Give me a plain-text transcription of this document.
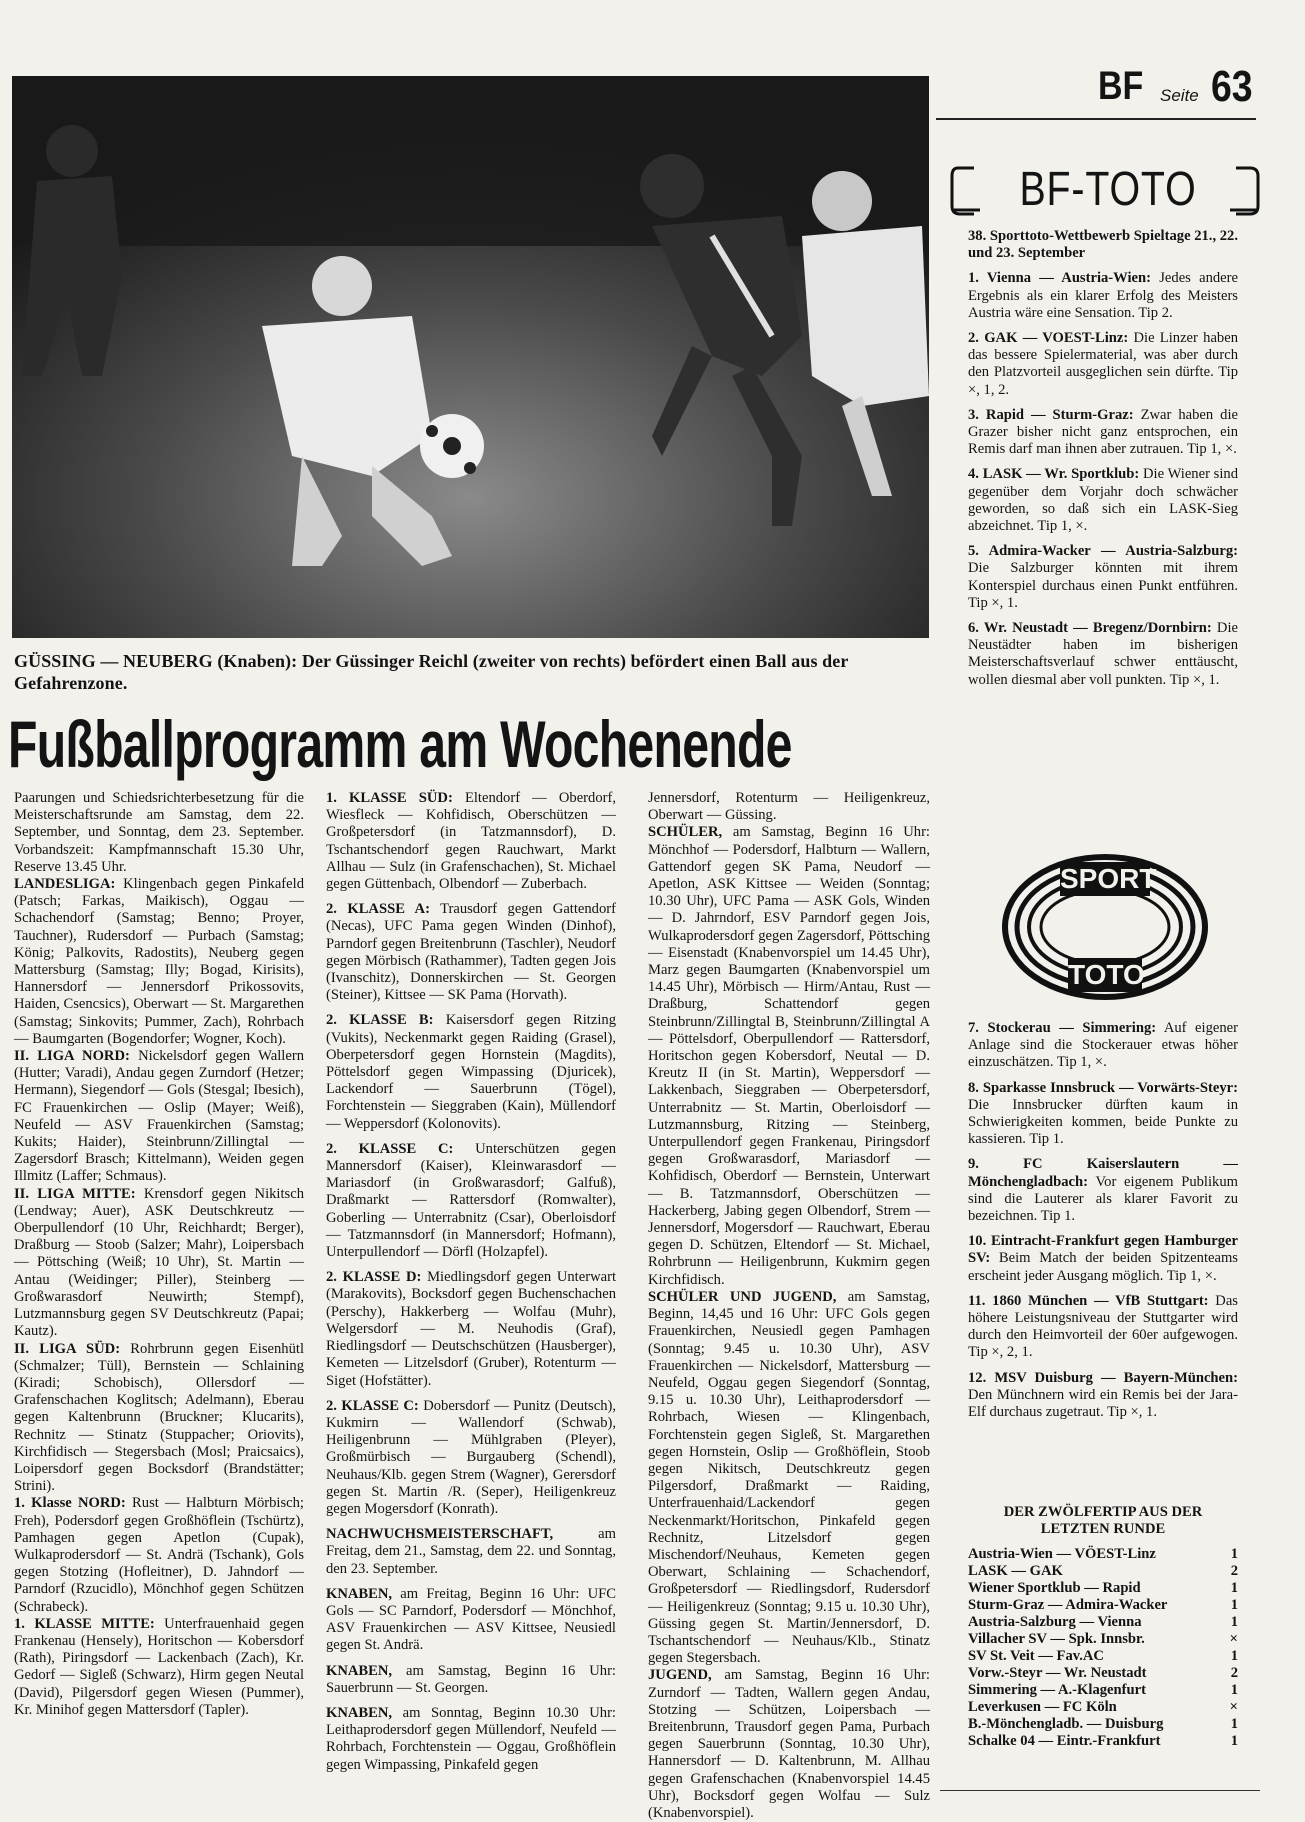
GÜSSING — NEUBERG (Knaben): Der Güssinger Reichl (zweiter von rechts) befördert einen Ball aus der Gefahrenzone.
Fußballprogramm am Wochenende

Paarungen und Schiedsrichterbesetzung für die Meisterschaftsrunde am Samstag, dem 22. September, und Sonntag, dem 23. September. Vorbandszeit: Kampfmannschaft 15.30 Uhr, Reserve 13.45 Uhr.

LANDESLIGA: Klingenbach gegen Pinkafeld (Patsch; Farkas, Maikisch), Oggau — Schachendorf (Samstag; Benno; Proyer, Tauchner), Rudersdorf — Purbach (Samstag; König; Palkovits, Radostits), Neuberg gegen Mattersburg (Samstag; Illy; Bogad, Kirisits), Hannersdorf — Jennersdorf Prikossovits, Haiden, Csencsics), Oberwart — St. Margarethen (Samstag; Sinkovits; Pummer, Zach), Rohrbach — Baumgarten (Bogendorfer; Wogner, Koch).

II. LIGA NORD: Nickelsdorf gegen Wallern (Hutter; Varadi), Andau gegen Zurndorf (Hetzer; Hermann), Siegendorf — Gols (Stesgal; Ibesich), FC Frauenkirchen — Oslip (Mayer; Weiß), Neufeld — ASV Frauenkirchen (Samstag; Kukits; Haider), Steinbrunn/Zillingtal — Zagersdorf Brasch; Kittelmann), Weiden gegen Illmitz (Laffer; Schmaus).

II. LIGA MITTE: Krensdorf gegen Nikitsch (Lendway; Auer), ASK Deutschkreutz — Oberpullendorf (10 Uhr, Reichhardt; Berger), Draßburg — Stoob (Salzer; Mahr), Loipersbach — Pöttsching (Weiß; 10 Uhr), St. Martin — Antau (Weidinger; Piller), Steinberg — Großwarasdorf Neuwirth; Stempf), Lutzmannsburg gegen SV Deutschkreutz (Papai; Kautz).

II. LIGA SÜD: Rohrbrunn gegen Eisenhütl (Schmalzer; Tüll), Bernstein — Schlaining (Kiradi; Schobisch), Ollersdorf — Grafenschachen Koglitsch; Adelmann), Eberau gegen Kaltenbrunn (Bruckner; Klucarits), Rechnitz — Stinatz (Stuppacher; Oriovits), Kirchfidisch — Stegersbach (Mosl; Praicsaics), Loipersdorf gegen Bocksdorf (Brandstätter; Strini).

1. Klasse NORD: Rust — Halbturn Mörbisch; Freh), Podersdorf gegen Großhöflein (Tschürtz), Pamhagen gegen Apetlon (Cupak), Wulkaprodersdorf — St. Andrä (Tschank), Gols gegen Stotzing (Hofleitner), D. Jahndorf — Parndorf (Rzucidlo), Mönchhof gegen Schützen (Schrabeck).

1. KLASSE MITTE: Unterfrauenhaid gegen Frankenau (Hensely), Horitschon — Kobersdorf (Rath), Piringsdorf — Lackenbach (Zach), Kr. Gedorf — Sigleß (Schwarz), Hirm gegen Neutal (David), Pilgersdorf gegen Wiesen (Pummer), Kr. Minihof gegen Mattersdorf (Tapler).

1. KLASSE SÜD: Eltendorf — Oberdorf, Wiesfleck — Kohfidisch, Oberschützen — Großpetersdorf (in Tatzmannsdorf), D. Tschantschendorf gegen Rauchwart, Markt Allhau — Sulz (in Grafenschachen), St. Michael gegen Güttenbach, Olbendorf — Zuberbach.

2. KLASSE A: Trausdorf gegen Gattendorf (Necas), UFC Pama gegen Winden (Dinhof), Parndorf gegen Breitenbrunn (Taschler), Neudorf gegen Mörbisch (Rathammer), Tadten gegen Jois (Ivanschitz), Donnerskirchen — St. Georgen (Steiner), Kittsee — SK Pama (Horvath).

2. KLASSE B: Kaisersdorf gegen Ritzing (Vukits), Neckenmarkt gegen Raiding (Grasel), Oberpetersdorf gegen Hornstein (Magdits), Pöttelsdorf gegen Wimpassing (Djuricek), Lackendorf — Sauerbrunn (Tögel), Forchtenstein — Sieggraben (Kain), Müllendorf — Weppersdorf (Kolonovits).

2. KLASSE C: Unterschützen gegen Mannersdorf (Kaiser), Kleinwarasdorf — Mariasdorf (in Großwarasdorf; Galfuß), Draßmarkt — Rattersdorf (Romwalter), Goberling — Unterrabnitz (Csar), Oberloisdorf — Tatzmannsdorf (in Mannersdorf; Hofmann), Unterpullendorf — Dörfl (Holzapfel).

2. KLASSE D: Miedlingsdorf gegen Unterwart (Marakovits), Bocksdorf gegen Buchenschachen (Perschy), Hakkerberg — Wolfau (Muhr), Welgersdorf — M. Neuhodis (Graf), Riedlingsdorf — Deutschschützen (Hausberger), Kemeten — Litzelsdorf (Gruber), Rotenturm — Siget (Hofstätter).

2. KLASSE C: Dobersdorf — Punitz (Deutsch), Kukmirn — Wallendorf (Schwab), Heiligenbrunn — Mühlgraben (Pleyer), Großmürbisch — Burgauberg (Schendl), Neuhaus/Klb. gegen Strem (Wagner), Gerersdorf gegen St. Martin /R. (Seper), Heiligenkreuz gegen Mogersdorf (Konrath).

NACHWUCHSMEISTERSCHAFT, am Freitag, dem 21., Samstag, dem 22. und Sonntag, den 23. September.

KNABEN, am Freitag, Beginn 16 Uhr: UFC Gols — SC Parndorf, Podersdorf — Mönchhof, ASV Frauenkirchen — ASV Kittsee, Neusiedl gegen St. Andrä.

KNABEN, am Samstag, Beginn 16 Uhr: Sauerbrunn — St. Georgen.

KNABEN, am Sonntag, Beginn 10.30 Uhr: Leithaprodersdorf gegen Müllendorf, Neufeld — Rohrbach, Forchtenstein — Oggau, Großhöflein gegen Wimpassing, Pinkafeld gegen

Jennersdorf, Rotenturm — Heiligenkreuz, Oberwart — Güssing.

SCHÜLER, am Samstag, Beginn 16 Uhr: Mönchhof — Podersdorf, Halbturn — Wallern, Gattendorf gegen SK Pama, Neudorf — Apetlon, ASK Kittsee — Weiden (Sonntag; 10.30 Uhr), UFC Pama — ASK Gols, Winden — D. Jahrndorf, ESV Parndorf gegen Jois, Wulkaprodersdorf gegen Zagersdorf, Pöttsching — Eisenstadt (Knabenvorspiel um 14.45 Uhr), Marz gegen Baumgarten (Knabenvorspiel um 14.45 Uhr), Mörbisch — Hirm/Antau, Rust — Draßburg, Schattendorf gegen Steinbrunn/Zillingtal B, Steinbrunn/Zillingtal A — Pöttelsdorf, Oberpullendorf — Rattersdorf, Horitschon gegen Kobersdorf, Neutal — D. Kreutz II (in St. Martin), Weppersdorf — Lakkenbach, Sieggraben — Oberpetersdorf, Unterrabnitz — St. Martin, Oberloisdorf — Lutzmannsburg, Ritzing — Steinberg, Unterpullendorf gegen Frankenau, Piringsdorf gegen Großwarasdorf, Mariasdorf — Kohfidisch, Oberdorf — Bernstein, Unterwart — B. Tatzmannsdorf, Oberschützen — Hackerberg, Jabing gegen Olbendorf, Strem — Jennersdorf, Mogersdorf — Rauchwart, Eberau gegen D. Schützen, Eltendorf — St. Michael, Rohrbrunn — Heiligenbrunn, Kukmirn gegen Kirchfidisch.

SCHÜLER UND JUGEND, am Samstag, Beginn, 14,45 und 16 Uhr: UFC Gols gegen Frauenkirchen, Neusiedl gegen Pamhagen (Sonntag; 9.45 u. 10.30 Uhr), ASV Frauenkirchen — Nickelsdorf, Mattersburg — Neufeld, Oggau gegen Siegendorf (Sonntag, 9.15 u. 10.30 Uhr), Leithaprodersdorf — Rohrbach, Wiesen — Klingenbach, Forchtenstein gegen Sigleß, St. Margarethen gegen Hornstein, Oslip — Großhöflein, Stoob gegen Nikitsch, Deutschkreutz gegen Pilgersdorf, Draßmarkt — Raiding, Unterfrauenhaid/Lackendorf gegen Neckenmarkt/Horitschon, Pinkafeld gegen Rechnitz, Litzelsdorf gegen Mischendorf/Neuhaus, Kemeten gegen Oberwart, Schlaining — Schachendorf, Großpetersdorf — Riedlingsdorf, Rudersdorf — Heiligenkreuz (Sonntag; 9.15 u. 10.30 Uhr), Güssing gegen St. Martin/Jennersdorf, D. Tschantschendorf — Neuhaus/Klb., Stinatz gegen Stegersbach.

JUGEND, am Samstag, Beginn 16 Uhr: Zurndorf — Tadten, Wallern gegen Andau, Stotzing — Schützen, Loipersbach — Breitenbrunn, Trausdorf gegen Pama, Purbach gegen Sauerbrunn (Sonntag, 10.30 Uhr), Hannersdorf — D. Kaltenbrunn, M. Allhau gegen Grafenschachen (Knabenvorspiel 14.45 Uhr), Bocksdorf gegen Wolfau — Sulz (Knabenvorspiel).

BF Seite 63
BF-TOTO

38. Sporttoto-Wettbewerb Spieltage 21., 22. und 23. September

1. Vienna — Austria-Wien: Jedes andere Ergebnis als ein klarer Erfolg des Meisters Austria wäre eine Sensation. Tip 2.

2. GAK — VOEST-Linz: Die Linzer haben das bessere Spielermaterial, was aber durch den Platzvorteil ausgeglichen sein dürfte. Tip ×, 1, 2.

3. Rapid — Sturm-Graz: Zwar haben die Grazer bisher nicht ganz entsprochen, ein Remis darf man ihnen aber zutrauen. Tip 1, ×.

4. LASK — Wr. Sportklub: Die Wiener sind gegenüber dem Vorjahr doch schwächer geworden, so daß sich ein LASK-Sieg abzeichnet. Tip 1, ×.

5. Admira-Wacker — Austria-Salzburg: Die Salzburger könnten mit ihrem Konterspiel durchaus einen Punkt entführen. Tip ×, 1.

6. Wr. Neustadt — Bregenz/Dornbirn: Die Neustädter haben im bisherigen Meisterschaftsverlauf schwer enttäuscht, wollen diesmal aber voll punkten. Tip ×, 1.

SPORT
TOTO

7. Stockerau — Simmering: Auf eigener Anlage sind die Stockerauer etwas höher einzuschätzen. Tip 1, ×.

8. Sparkasse Innsbruck — Vorwärts-Steyr: Die Innsbrucker dürften kaum in Schwierigkeiten kommen, beide Punkte zu kassieren. Tip 1.

9. FC Kaiserslautern — Mönchengladbach: Vor eigenem Publikum sind die Lauterer als klarer Favorit zu bezeichnen. Tip 1.

10. Eintracht-Frankfurt gegen Hamburger SV: Beim Match der beiden Spitzenteams erscheint jeder Ausgang möglich. Tip 1, ×.

11. 1860 München — VfB Stuttgart: Das höhere Leistungsniveau der Stuttgarter wird durch den Heimvorteil der 60er aufgewogen. Tip ×, 2, 1.

12. MSV Duisburg — Bayern-München: Den Münchnern wird ein Remis bei der Jara-Elf durchaus zugetraut. Tip ×, 1.

DER ZWÖLFERTIP AUS DER LETZTEN RUNDE
Austria-Wien — VÖEST-Linz	1
LASK — GAK	2
Wiener Sportklub — Rapid	1
Sturm-Graz — Admira-Wacker	1
Austria-Salzburg — Vienna	1
Villacher SV — Spk. Innsbr.	×
SV St. Veit — Fav.AC	1
Vorw.-Steyr — Wr. Neustadt	2
Simmering — A.-Klagenfurt	1
Leverkusen — FC Köln	×
B.-Mönchengladb. — Duisburg	1
Schalke 04 — Eintr.-Frankfurt	1
